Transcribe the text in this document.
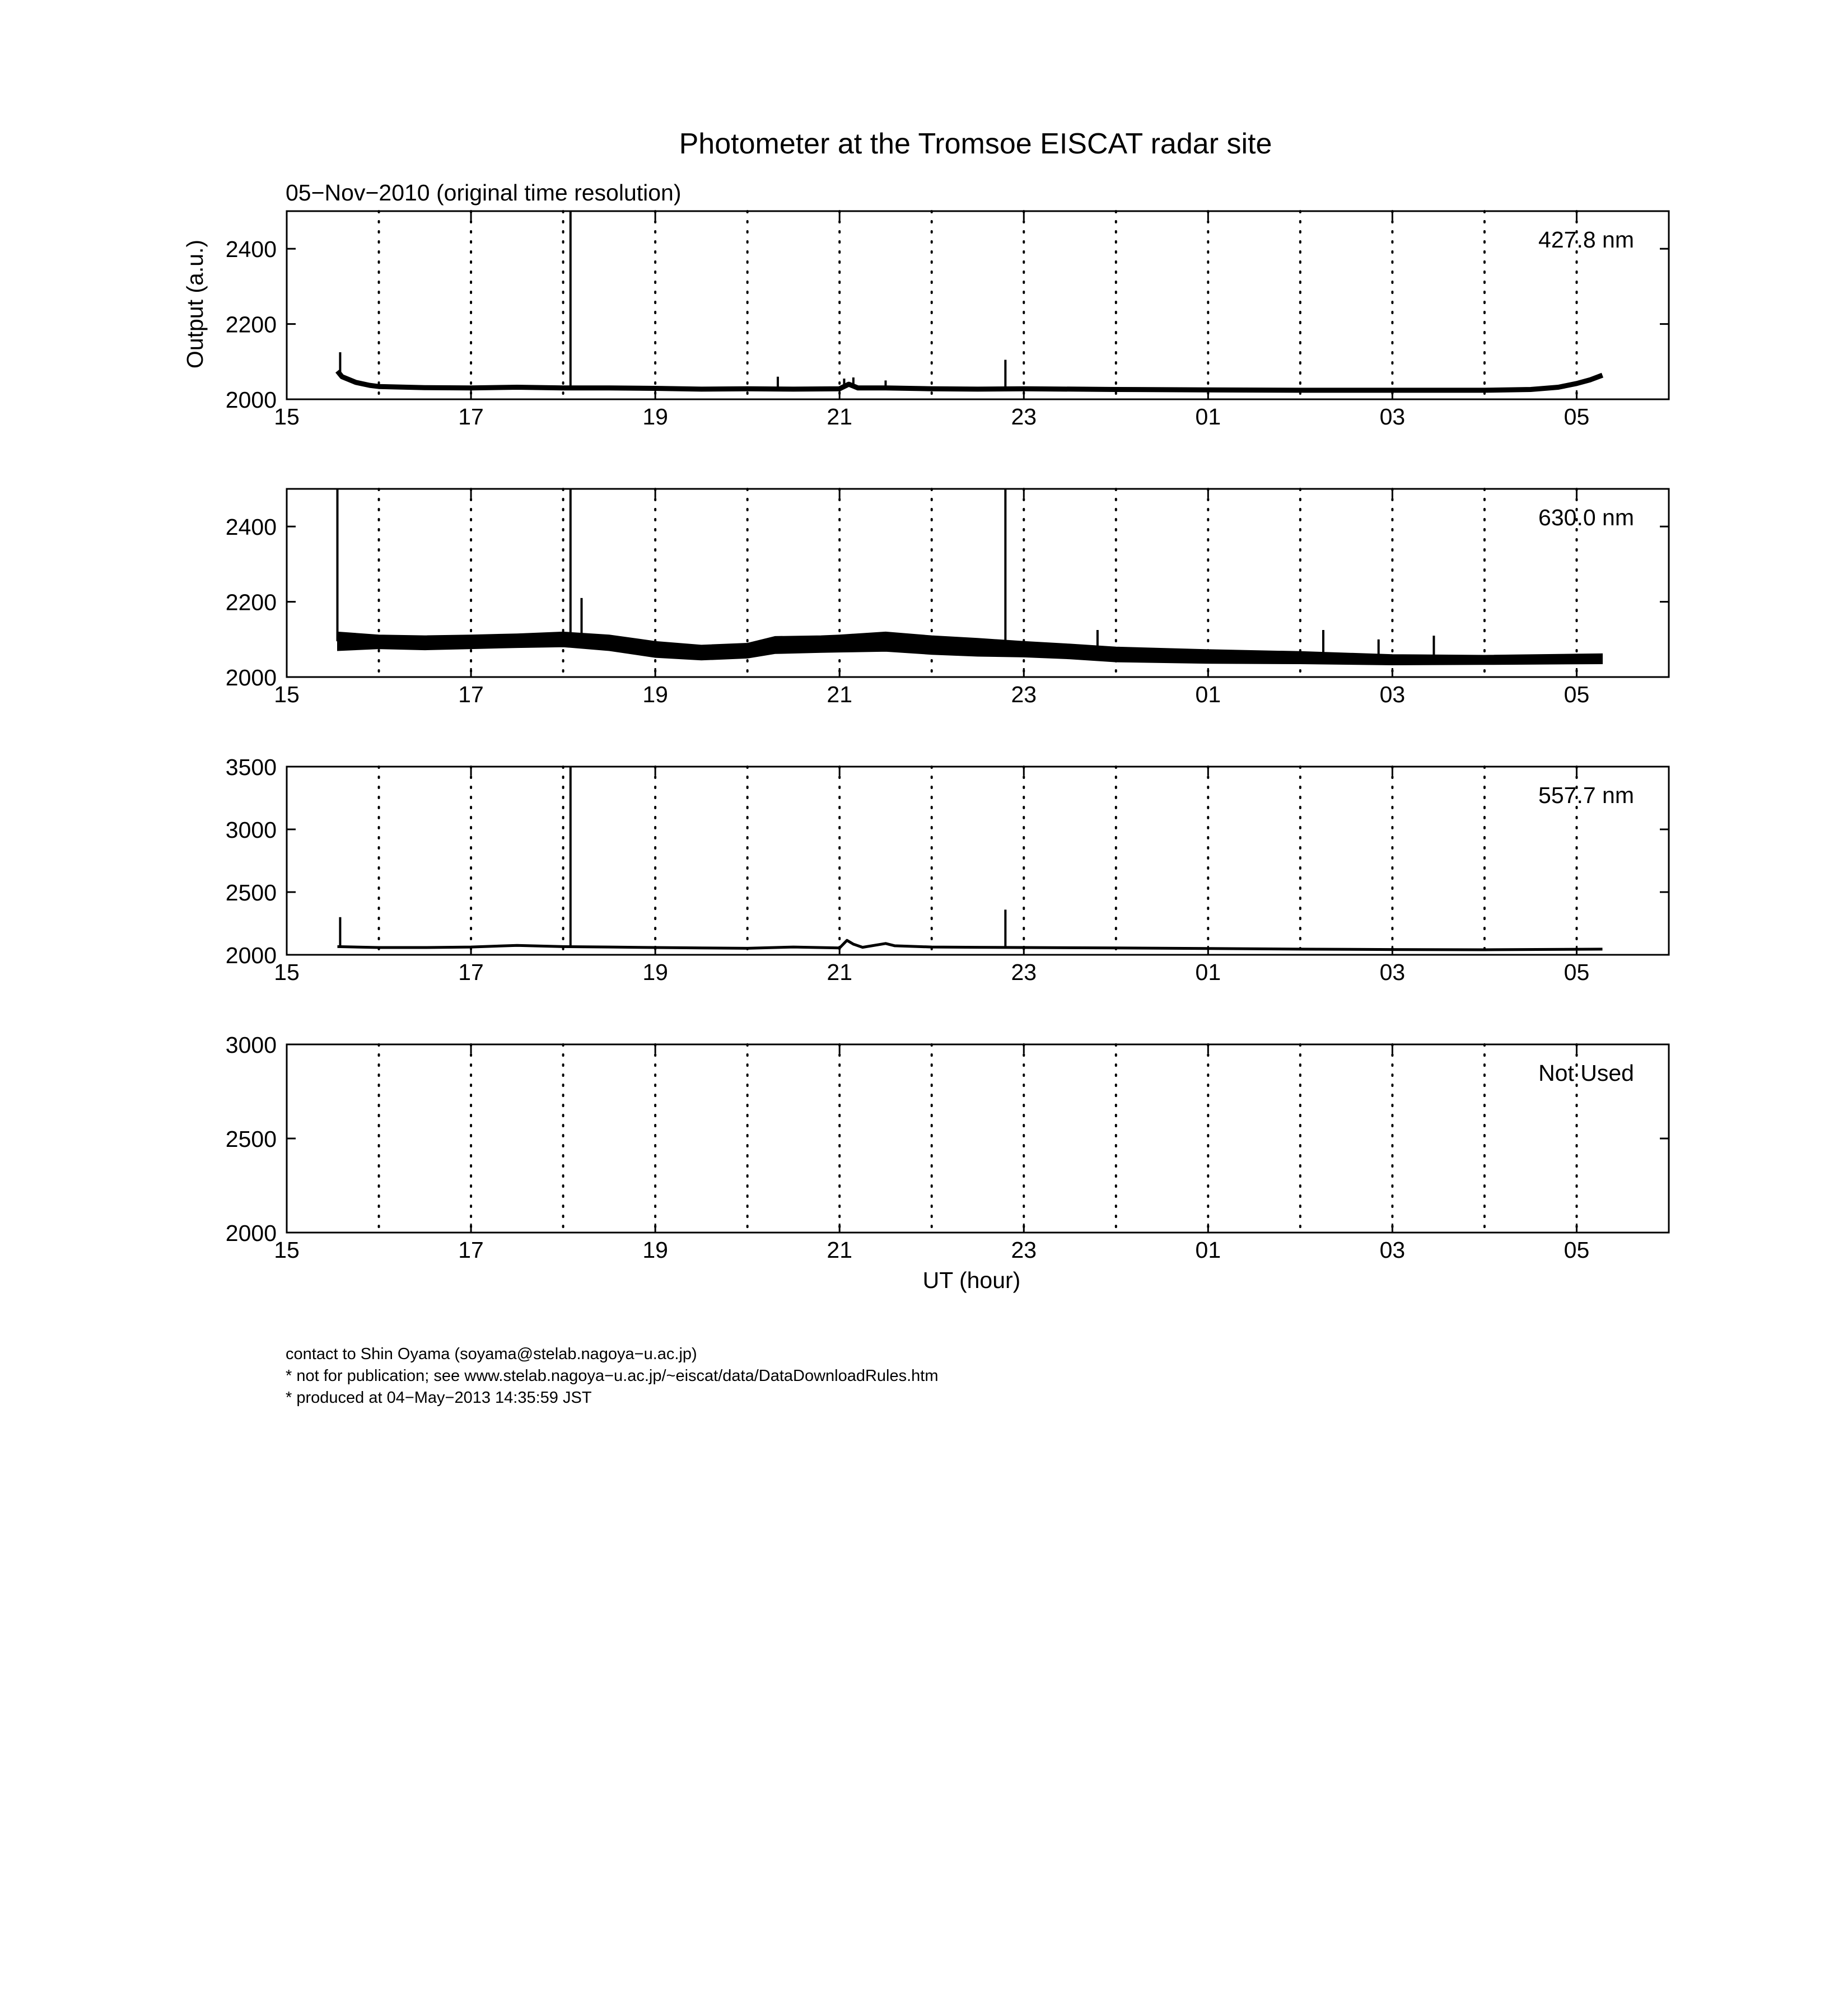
Photometer at the Tromsoe EISCAT radar site
05−Nov−2010 (original time resolution)
Output (a.u.)
UT (hour)
15	17	19	21	23	01	03	05
2000
2200
2400	427.8 nm
15	17	19	21	23	01	03	05
2000
2200
2400	630.0 nm
15	17	19	21	23	01	03	05
2000
2500
3000
3500
557.7 nm
15	17	19	21	23	01	03	05
2000
2500
3000
Not Used
contact to Shin Oyama (soyama@stelab.nagoya−u.ac.jp)
* not for publication; see www.stelab.nagoya−u.ac.jp/~eiscat/data/DataDownloadRules.htm
* produced at 04−May−2013 14:35:59 JST
